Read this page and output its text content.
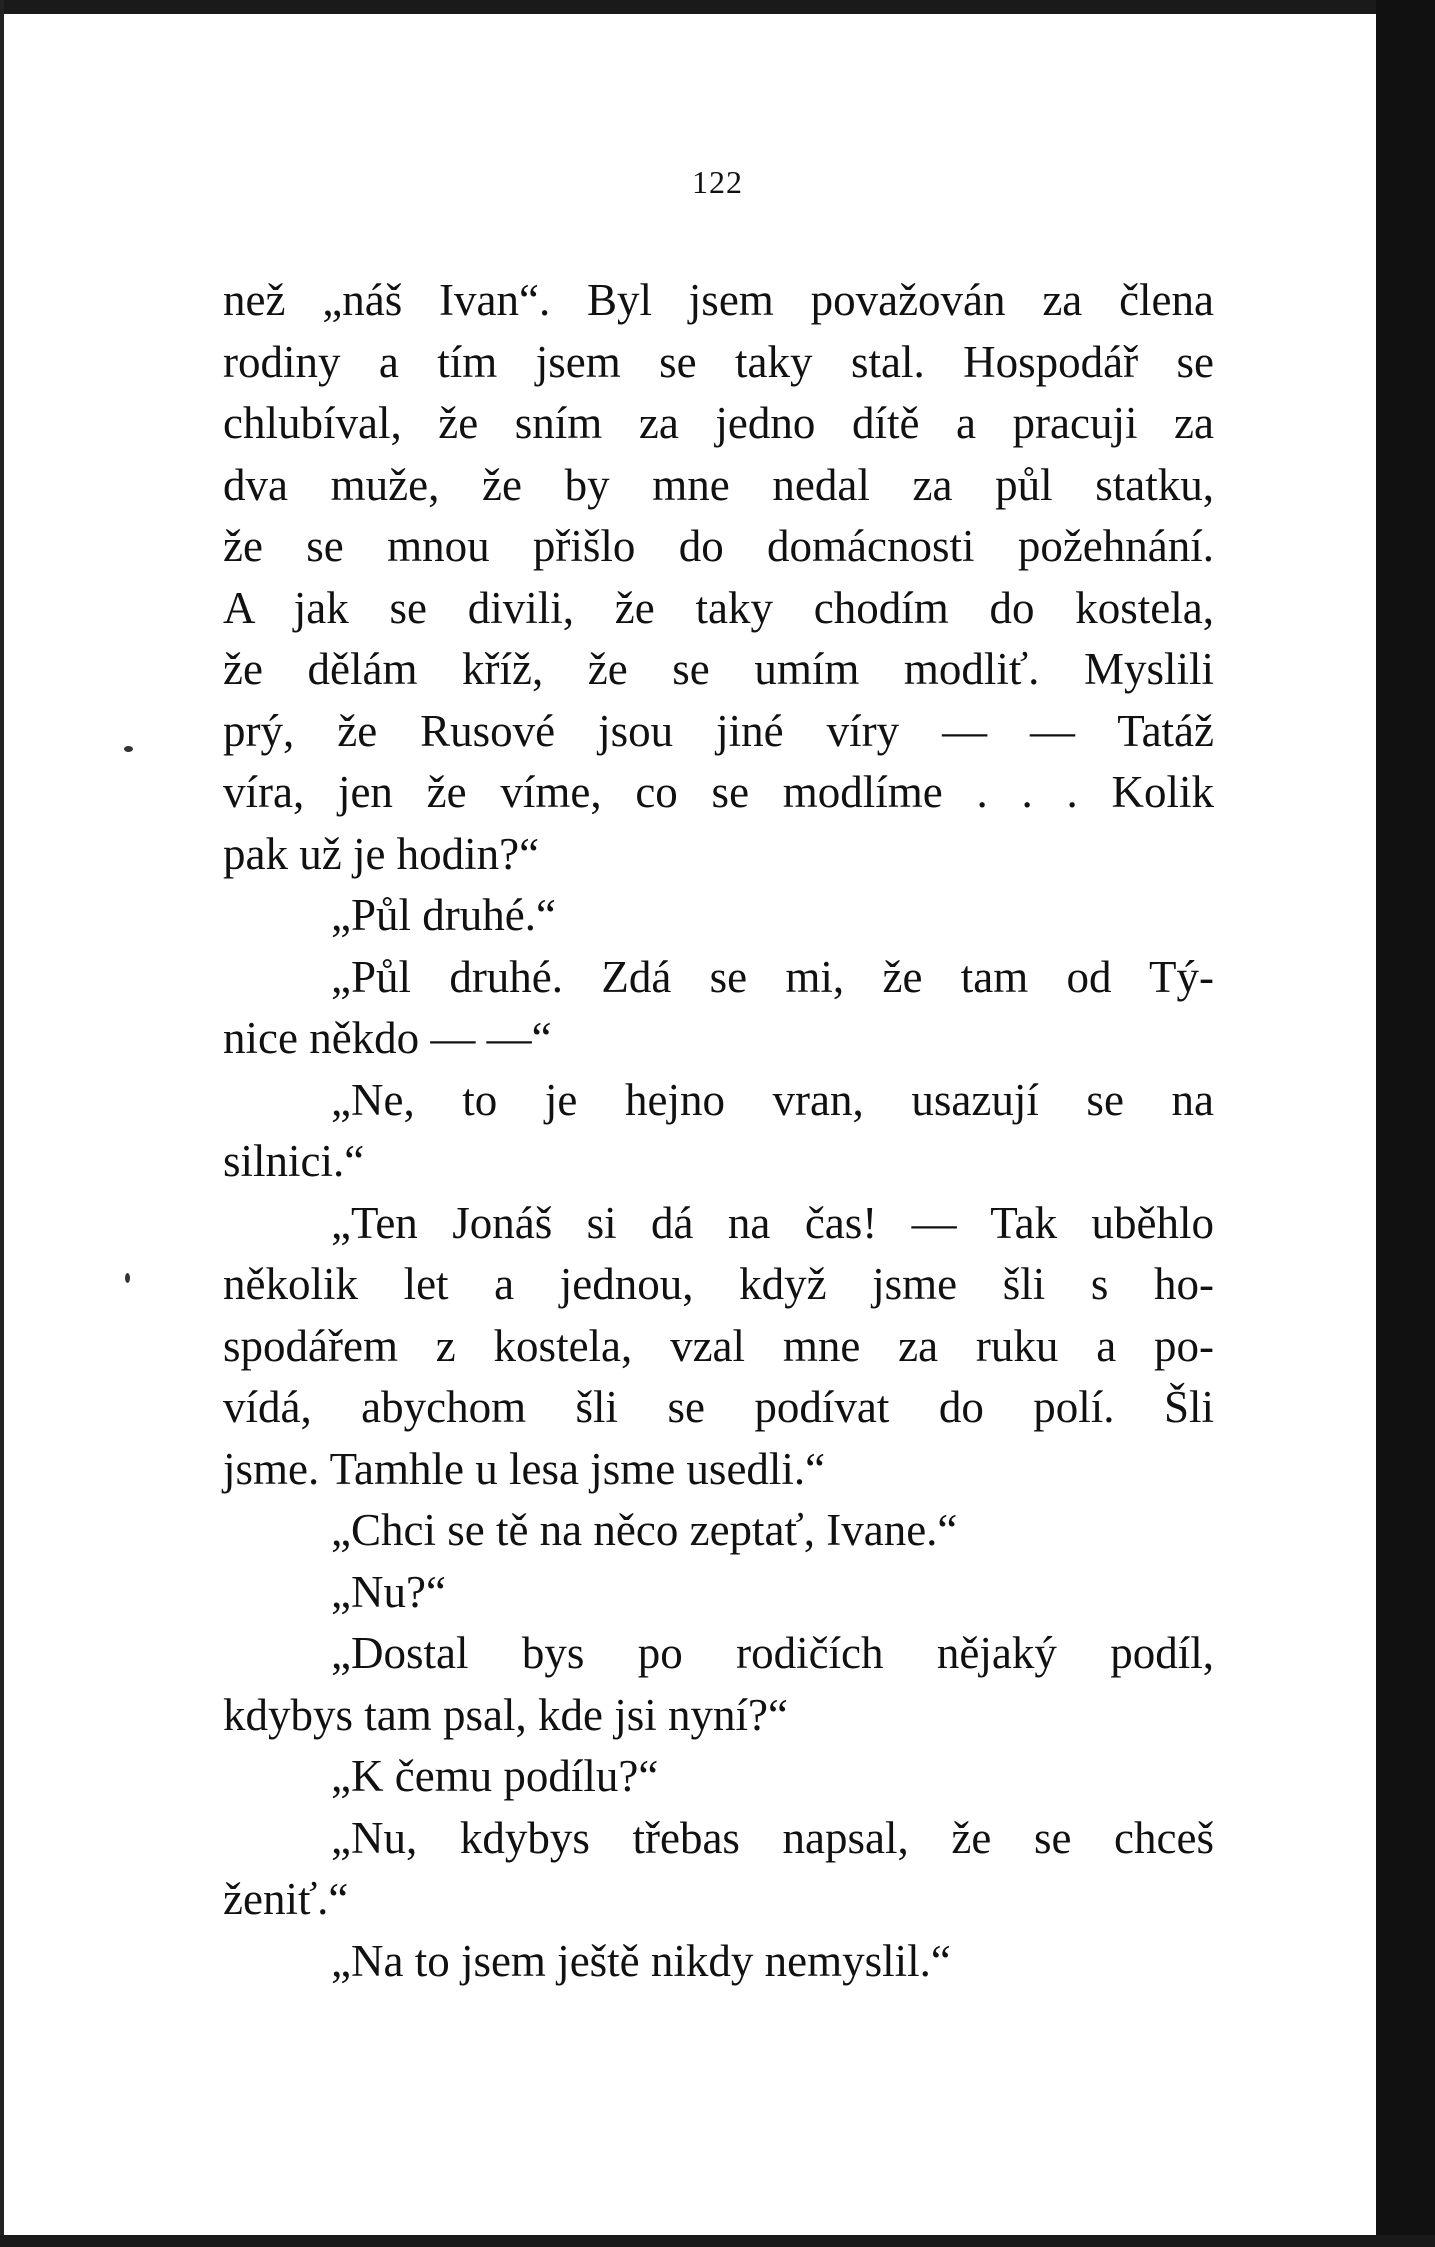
122
než „náš Ivan“. Byl jsem považován za člena
rodiny a tím jsem se taky stal. Hospodář se
chlubíval, že sním za jedno dítě a pracuji za
dva muže, že by mne nedal za půl statku,
že se mnou přišlo do domácnosti požehnání.
A jak se divili, že taky chodím do kostela,
že dělám kříž, že se umím modliť. Myslili
prý, že Rusové jsou jiné víry — — Tatáž
víra, jen že víme, co se modlíme . . . Kolik
pak už je hodin?“
„Půl druhé.“
„Půl druhé. Zdá se mi, že tam od Tý-
nice někdo — —“
„Ne, to je hejno vran, usazují se na
silnici.“
„Ten Jonáš si dá na čas! — Tak uběhlo
několik let a jednou, když jsme šli s ho-
spodářem z kostela, vzal mne za ruku a po-
vídá, abychom šli se podívat do polí. Šli
jsme. Tamhle u lesa jsme usedli.“
„Chci se tě na něco zeptať, Ivane.“
„Nu?“
„Dostal bys po rodičích nějaký podíl,
kdybys tam psal, kde jsi nyní?“
„K čemu podílu?“
„Nu, kdybys třebas napsal, že se chceš
ženiť.“
„Na to jsem ještě nikdy nemyslil.“
